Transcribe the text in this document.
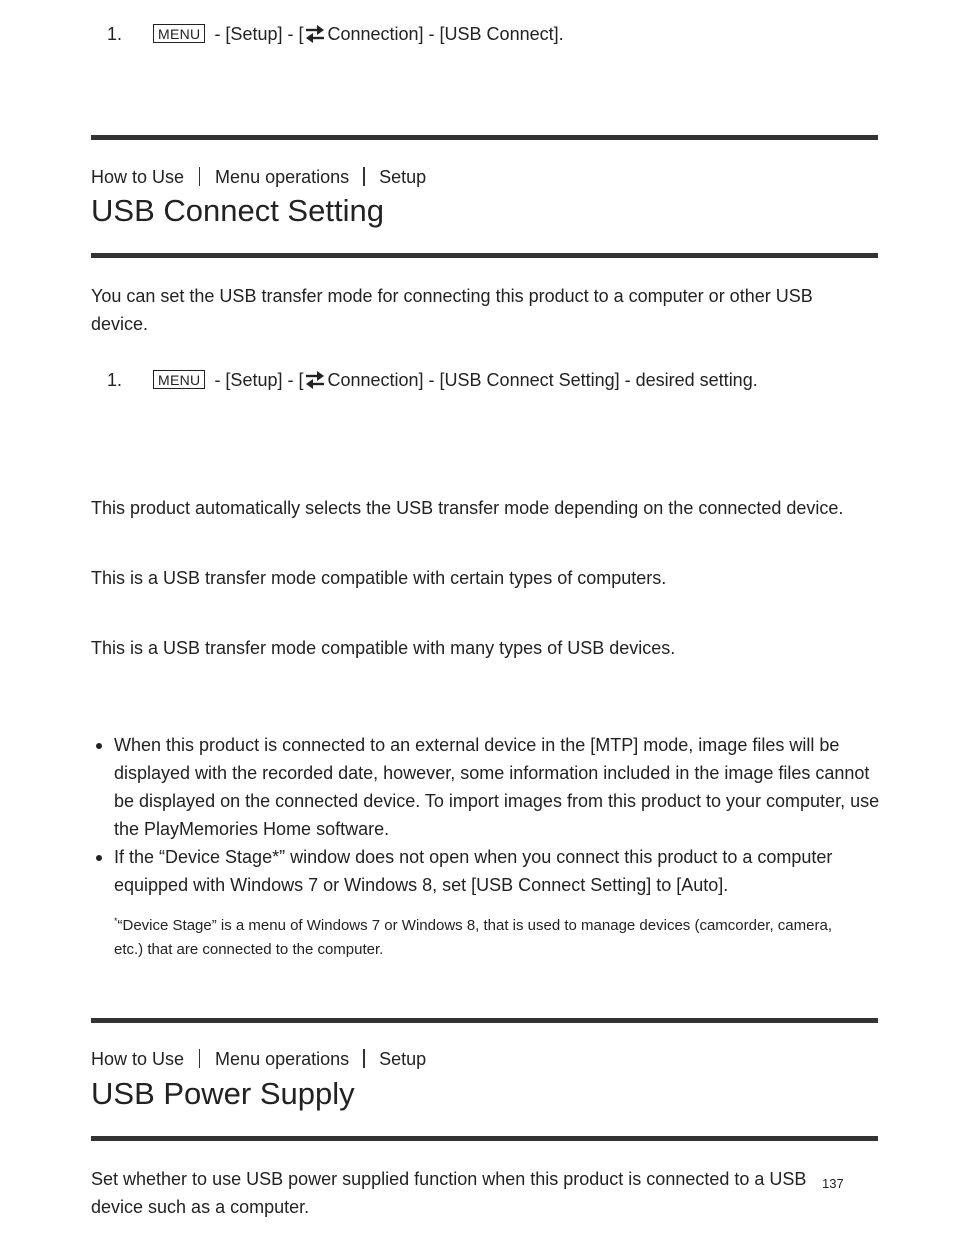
1.	MENU - [Setup] - [ Connection] - [USB Connect].
How to Use Menu operations Setup
USB Connect Setting
You can set the USB transfer mode for connecting this product to a computer or other USB device.
1.	MENU - [Setup] - [ Connection] - [USB Connect Setting] - desired setting.
This product automatically selects the USB transfer mode depending on the connected device.
This is a USB transfer mode compatible with certain types of computers.
This is a USB transfer mode compatible with many types of USB devices.
When this product is connected to an external device in the [MTP] mode, image files will be displayed with the recorded date, however, some information included in the image files cannot be displayed on the connected device. To import images from this product to your computer, use the PlayMemories Home software.
If the “Device Stage*” window does not open when you connect this product to a computer equipped with Windows 7 or Windows 8, set [USB Connect Setting] to [Auto].
*“Device Stage” is a menu of Windows 7 or Windows 8, that is used to manage devices (camcorder, camera, etc.) that are connected to the computer.
How to Use Menu operations Setup
USB Power Supply
Set whether to use USB power supplied function when this product is connected to a USB device such as a computer.
137
